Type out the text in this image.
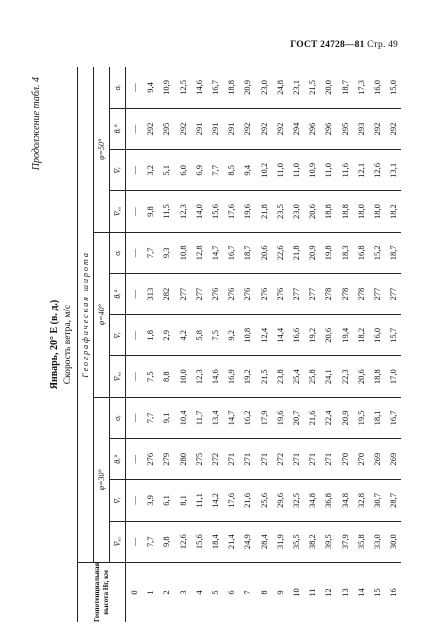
ГОСТ 24728—81 Стр. 49
Продолжение табл. 4
Январь, 20° Е (в. д.) Скорость ветра, м/с
Геопотенциальная высота Hг, км	Географическая широта											
	φ=30°				φ=40°				φ=50°			
	V̄ₓₐ	V̄ᵣ	θᵣ°	σᵣ	V̄ₓₐ	V̄ᵣ	θᵣ°	σᵣ	V̄ₓₐ	V̄ᵣ	θᵣ°	σᵣ
0	—	—	—	—	—	—	—	—	—	—	—	—
1	7,7	3,9	276	7,7	7,5	1,8	313	7,7	9,8	3,2	292	9,4
2	9,8	6,1	279	9,1	8,8	2,9	282	9,3	11,5	5,1	295	10,9
3	12,6	8,1	280	10,4	10,0	4,2	277	10,8	12,3	6,0	292	12,5
4	15,6	11,1	275	11,7	12,3	5,8	277	12,8	14,0	6,9	291	14,6
5	18,4	14,2	272	13,4	14,6	7,5	276	14,7	15,6	7,7	291	16,7
6	21,4	17,6	271	14,7	16,9	9,2	276	16,7	17,6	8,5	291	18,8
7	24,9	21,6	271	16,2	19,2	10,8	276	18,7	19,6	9,4	292	20,9
8	28,4	25,6	271	17,9	21,5	12,4	276	20,6	21,8	10,2	292	23,0
9	31,9	29,6	272	19,6	23,8	14,4	276	22,6	23,5	11,0	292	24,8
10	35,5	32,5	271	20,7	25,4	16,6	277	21,8	23,0	11,0	294	23,1
11	38,2	34,8	271	21,6	25,8	19,2	277	20,9	20,6	10,9	296	21,5
12	39,5	36,8	271	22,4	24,1	20,6	278	19,8	18,8	11,0	296	20,0
13	37,9	34,8	270	20,9	22,3	19,4	278	18,3	18,8	11,6	295	18,7
14	35,8	32,8	270	19,5	20,6	18,2	278	16,8	18,0	12,1	293	17,3
15	33,0	30,7	269	18,1	18,8	16,0	277	15,2	18,0	12,6	292	16,0
16	30,0	28,7	269	16,7	17,0	15,7	277	18,7	18,2	13,1	292	15,0
